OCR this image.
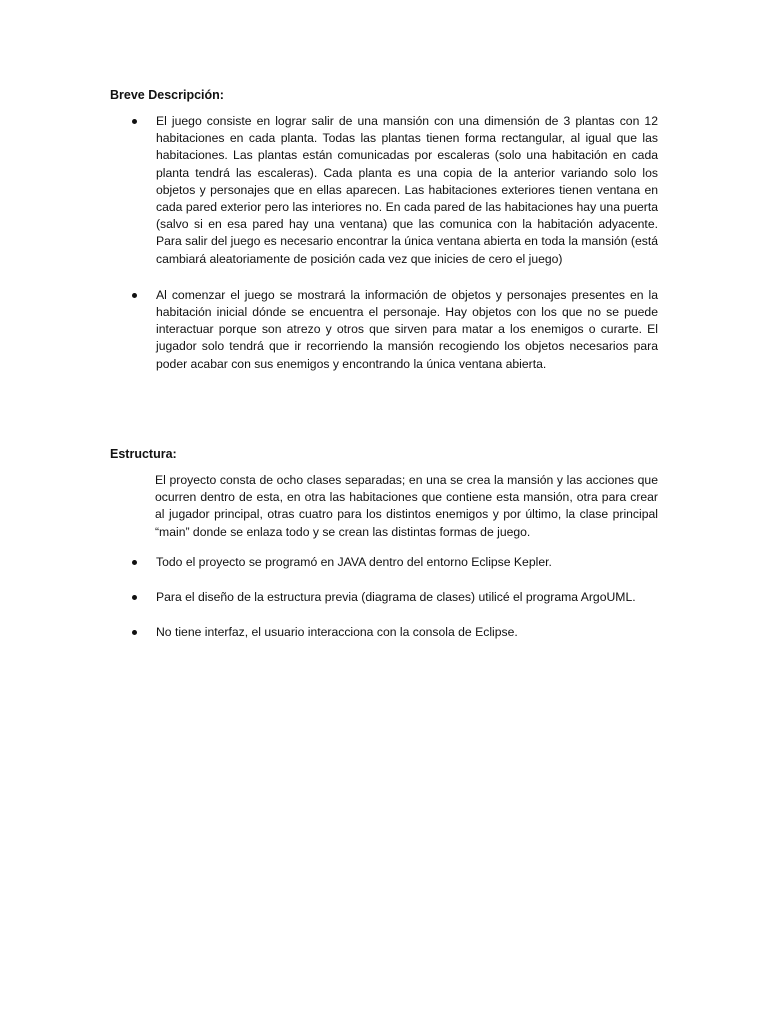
Breve Descripción:
El juego consiste en lograr salir de una mansión con una dimensión de 3 plantas con 12 habitaciones en cada planta. Todas las plantas tienen forma rectangular, al igual que las habitaciones. Las plantas están comunicadas por escaleras (solo una habitación en cada planta tendrá las escaleras). Cada planta es una copia de la anterior variando solo los objetos y personajes que en ellas aparecen. Las habitaciones exteriores tienen ventana en cada pared exterior pero las interiores no. En cada pared de las habitaciones hay una puerta (salvo si en esa pared hay una ventana) que las comunica con la habitación adyacente. Para salir del juego es necesario encontrar la única ventana abierta en toda la mansión (está cambiará aleatoriamente de posición cada vez que inicies de cero el juego)
Al comenzar el juego se mostrará la información de objetos y personajes presentes en la habitación inicial dónde se encuentra el personaje. Hay objetos con los que no se puede interactuar porque son atrezo y otros que sirven para matar a los enemigos o curarte. El jugador solo tendrá que ir recorriendo la mansión recogiendo los objetos necesarios para poder acabar con sus enemigos y encontrando la única ventana abierta.
Estructura:

El proyecto consta de ocho clases separadas; en una se crea la mansión y las acciones que ocurren dentro de esta, en otra las habitaciones que contiene esta mansión, otra para crear al jugador principal, otras cuatro para los distintos enemigos y por último, la clase principal “main” donde se enlaza todo y se crean las distintas formas de juego.

Todo el proyecto se programó en JAVA dentro del entorno Eclipse Kepler.
Para el diseño de la estructura previa (diagrama de clases) utilicé el programa ArgoUML.
No tiene interfaz, el usuario interacciona con la consola de Eclipse.
